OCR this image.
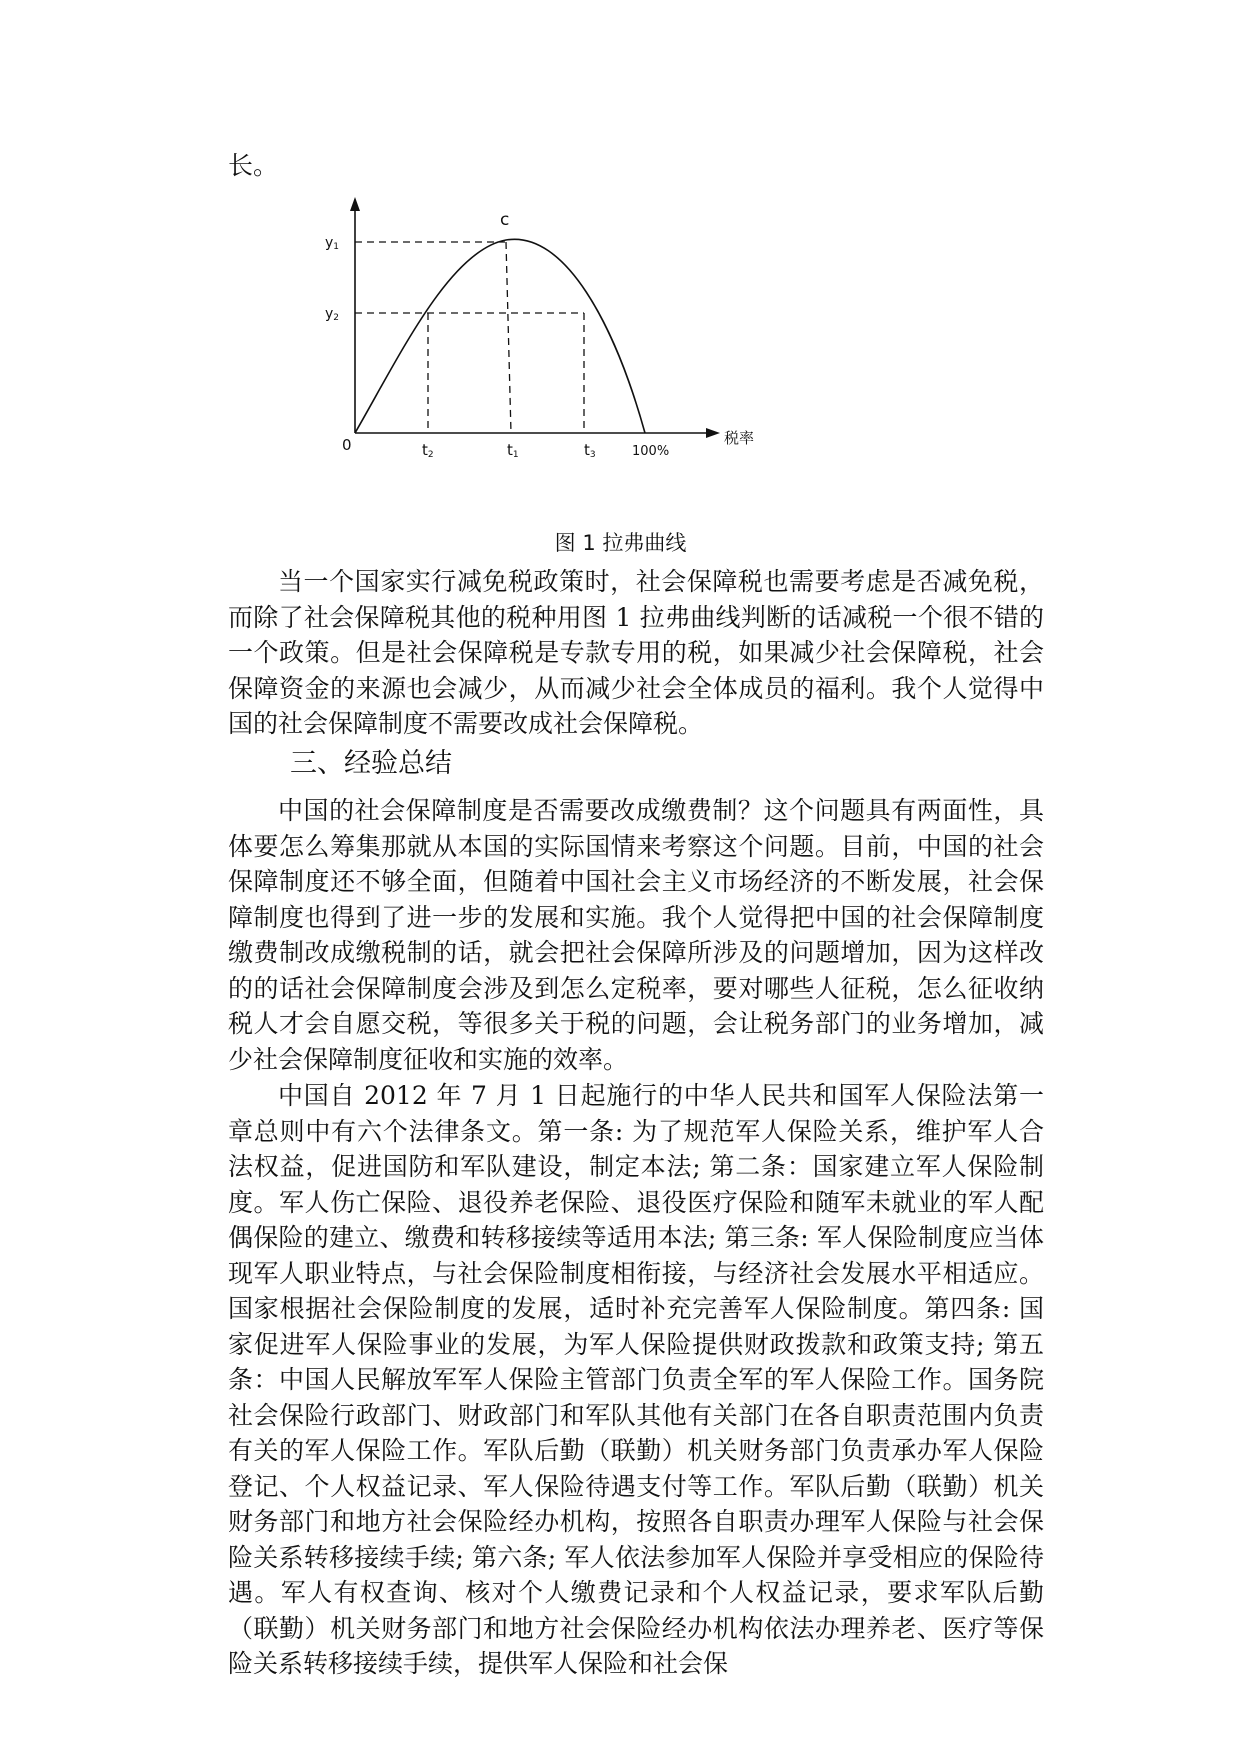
长。
c
y1
y2
0	t2	t1	t3	100%
税率
图 1 拉弗曲线

当一个国家实行减免税政策时，社会保障税也需要考虑是否减免税，而除了社会保障税其他的税种用图 1 拉弗曲线判断的话减税一个很不错的一个政策。但是社会保障税是专款专用的税，如果减少社会保障税，社会保障资金的来源也会减少，从而减少社会全体成员的福利。我个人觉得中国的社会保障制度不需要改成社会保障税。

三、经验总结

中国的社会保障制度是否需要改成缴费制？这个问题具有两面性，具体要怎么筹集那就从本国的实际国情来考察这个问题。目前，中国的社会保障制度还不够全面，但随着中国社会主义市场经济的不断发展，社会保障制度也得到了进一步的发展和实施。我个人觉得把中国的社会保障制度缴费制改成缴税制的话，就会把社会保障所涉及的问题增加，因为这样改的的话社会保障制度会涉及到怎么定税率，要对哪些人征税，怎么征收纳税人才会自愿交税，等很多关于税的问题，会让税务部门的业务增加，减少社会保障制度征收和实施的效率。

中国自 2012 年 7 月 1 日起施行的中华人民共和国军人保险法第一章总则中有六个法律条文。第一条: 为了规范军人保险关系，维护军人合法权益，促进国防和军队建设，制定本法; 第二条：国家建立军人保险制度。军人伤亡保险、退役养老保险、退役医疗保险和随军未就业的军人配偶保险的建立、缴费和转移接续等适用本法; 第三条: 军人保险制度应当体现军人职业特点，与社会保险制度相衔接，与经济社会发展水平相适应。国家根据社会保险制度的发展，适时补充完善军人保险制度。第四条: 国家促进军人保险事业的发展，为军人保险提供财政拨款和政策支持; 第五条：中国人民解放军军人保险主管部门负责全军的军人保险工作。国务院社会保险行政部门、财政部门和军队其他有关部门在各自职责范围内负责有关的军人保险工作。军队后勤（联勤）机关财务部门负责承办军人保险登记、个人权益记录、军人保险待遇支付等工作。军队后勤（联勤）机关财务部门和地方社会保险经办机构，按照各自职责办理军人保险与社会保险关系转移接续手续; 第六条; 军人依法参加军人保险并享受相应的保险待遇。军人有权查询、核对个人缴费记录和个人权益记录，要求军队后勤（联勤）机关财务部门和地方社会保险经办机构依法办理养老、医疗等保险关系转移接续手续，提供军人保险和社会保
